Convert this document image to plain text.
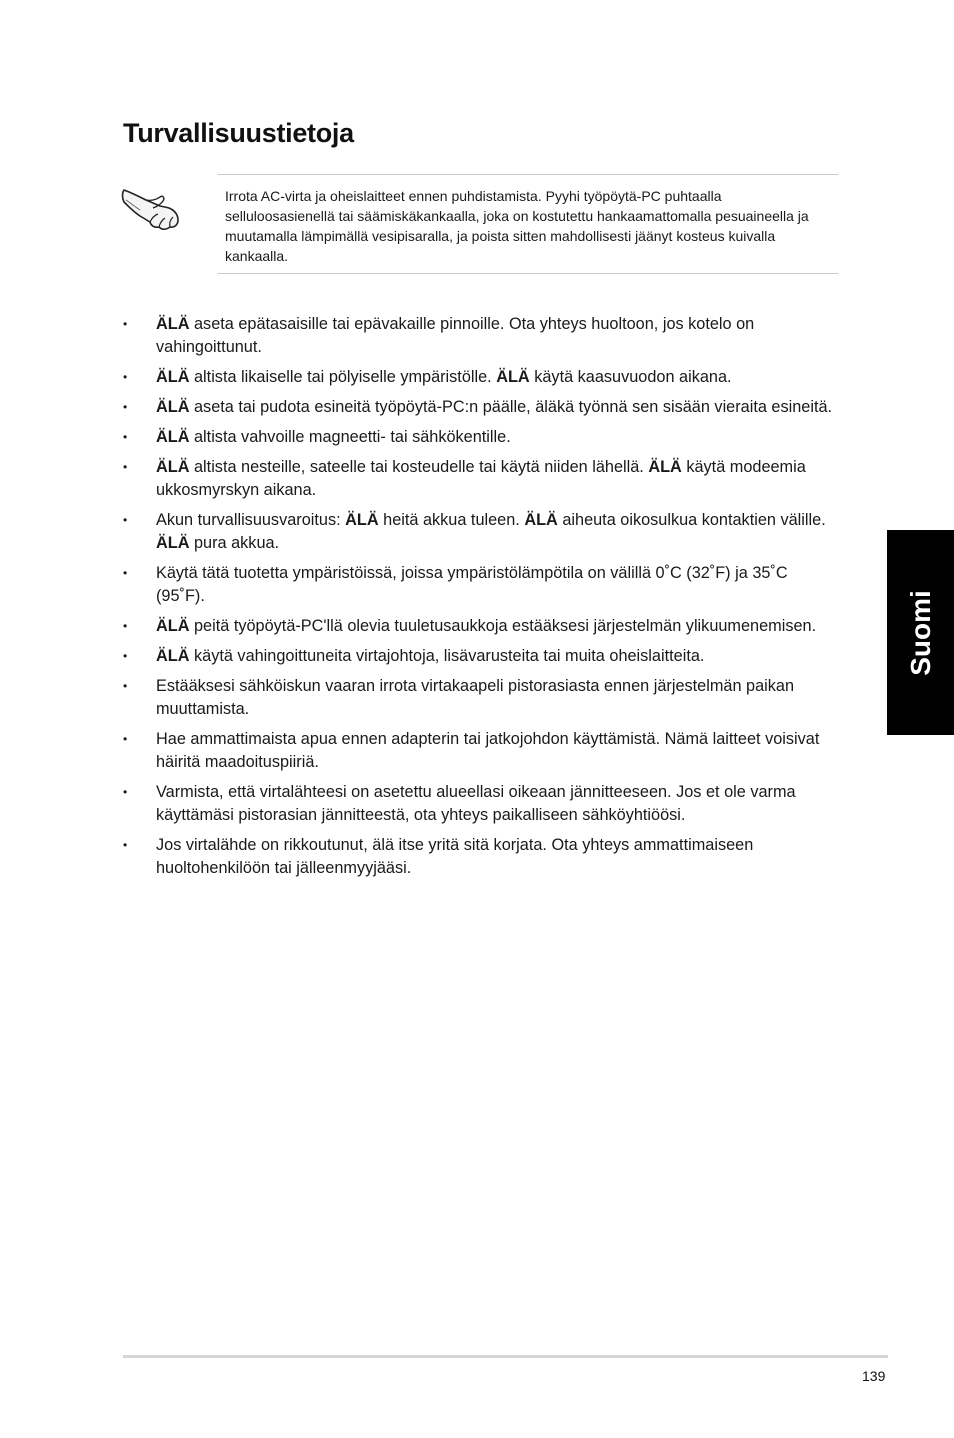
Turvallisuustietoja
Irrota AC-virta ja oheislaitteet ennen puhdistamista. Pyyhi työpöytä-PC puhtaalla selluloosasienellä tai säämiskäkankaalla, joka on kostutettu hankaamattomalla pesuaineella ja muutamalla lämpimällä vesipisaralla, ja poista sitten mahdollisesti jäänyt kosteus kuivalla kankaalla.
• ÄLÄ aseta epätasaisille tai epävakaille pinnoille. Ota yhteys huoltoon, jos kotelo on vahingoittunut.
• ÄLÄ altista likaiselle tai pölyiselle ympäristölle. ÄLÄ käytä kaasuvuodon aikana.
• ÄLÄ aseta tai pudota esineitä työpöytä-PC:n päälle, äläkä työnnä sen sisään vieraita esineitä.
• ÄLÄ altista vahvoille magneetti- tai sähkökentille.
• ÄLÄ altista nesteille, sateelle tai kosteudelle tai käytä niiden lähellä. ÄLÄ käytä modeemia ukkosmyrskyn aikana.
• Akun turvallisuusvaroitus: ÄLÄ heitä akkua tuleen. ÄLÄ aiheuta oikosulkua kontaktien välille. ÄLÄ pura akkua.
• Käytä tätä tuotetta ympäristöissä, joissa ympäristölämpötila on välillä 0˚C (32˚F) ja 35˚C (95˚F).
• ÄLÄ peitä työpöytä-PC'llä olevia tuuletusaukkoja estääksesi järjestelmän ylikuumenemisen.
• ÄLÄ käytä vahingoittuneita virtajohtoja, lisävarusteita tai muita oheislaitteita.
• Estääksesi sähköiskun vaaran irrota virtakaapeli pistorasiasta ennen järjestelmän paikan muuttamista.
• Hae ammattimaista apua ennen adapterin tai jatkojohdon käyttämistä. Nämä laitteet voisivat häiritä maadoituspiiriä.
• Varmista, että virtalähteesi on asetettu alueellasi oikeaan jännitteeseen. Jos et ole varma käyttämäsi pistorasian jännitteestä, ota yhteys paikalliseen sähköyhtiöösi.
• Jos virtalähde on rikkoutunut, älä itse yritä sitä korjata. Ota yhteys ammattimaiseen huoltohenkilöön tai jälleenmyyjääsi.
Suomi
139
